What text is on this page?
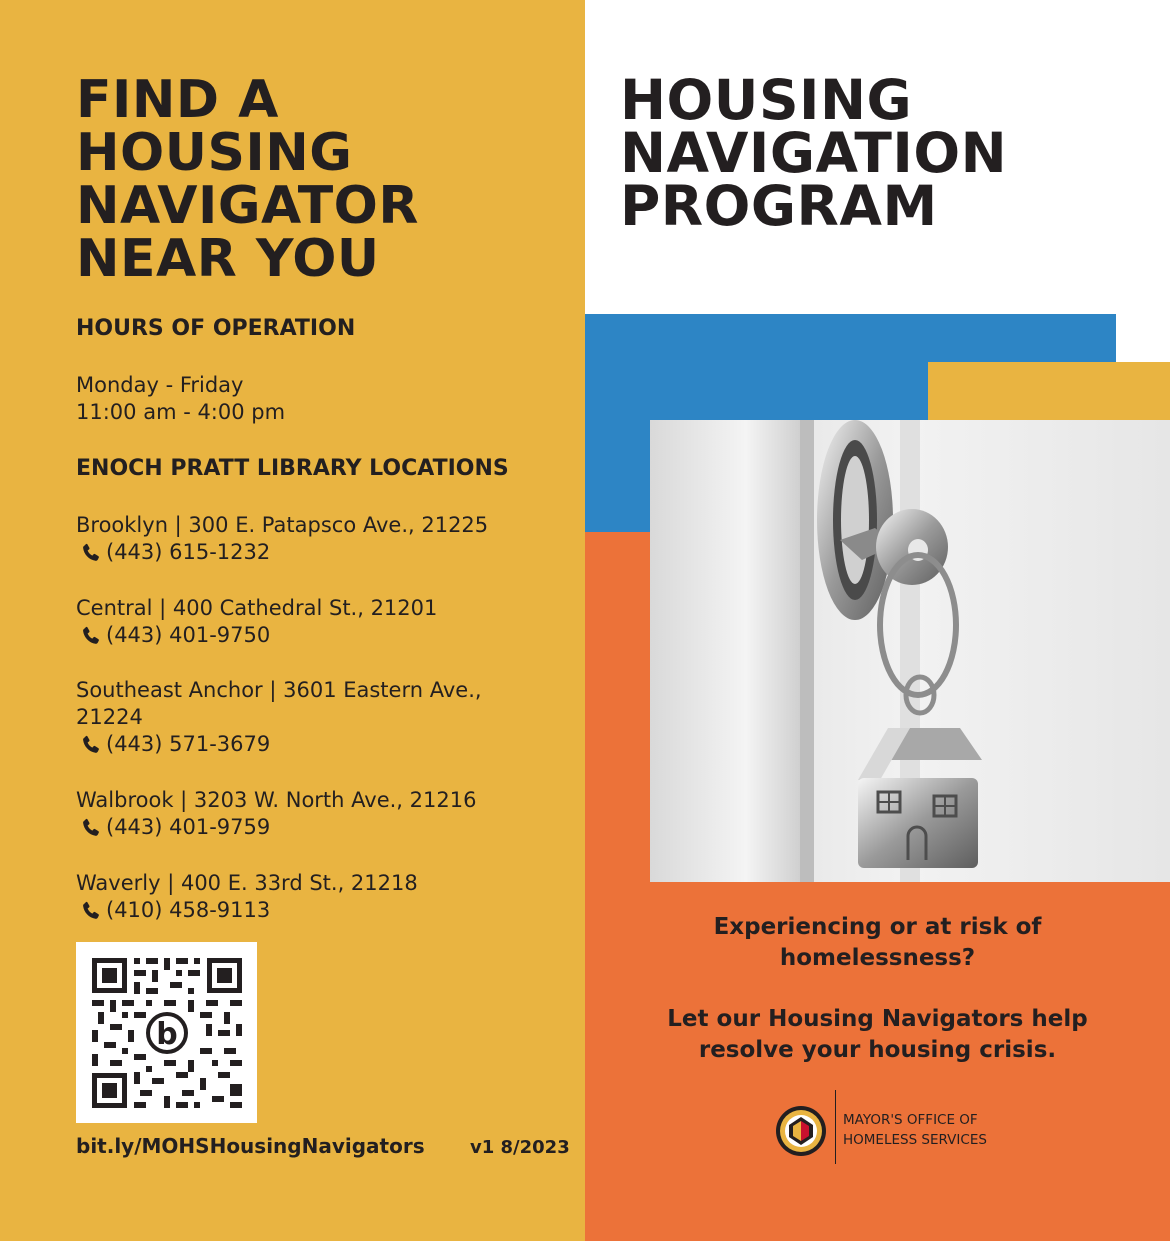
FIND A
HOUSING
NAVIGATOR
NEAR YOU
HOURS OF OPERATION
Monday - Friday
11:00 am - 4:00 pm
ENOCH PRATT LIBRARY LOCATIONS
Brooklyn | 300 E. Patapsco Ave., 21225
(443) 615-1232
Central | 400 Cathedral St., 21201
(443) 401-9750
Southeast Anchor | 3601 Eastern Ave., 21224
(443) 571-3679
Walbrook | 3203 W. North Ave., 21216
(443) 401-9759
Waverly | 400 E. 33rd St., 21218
(410) 458-9113
b
bit.ly/MOHSHousingNavigators	v1 8/2023
HOUSING
NAVIGATION
PROGRAM
Experiencing or at risk of
homelessness?
Let our Housing Navigators help
resolve your housing crisis.
MAYOR'S OFFICE OF
HOMELESS SERVICES
